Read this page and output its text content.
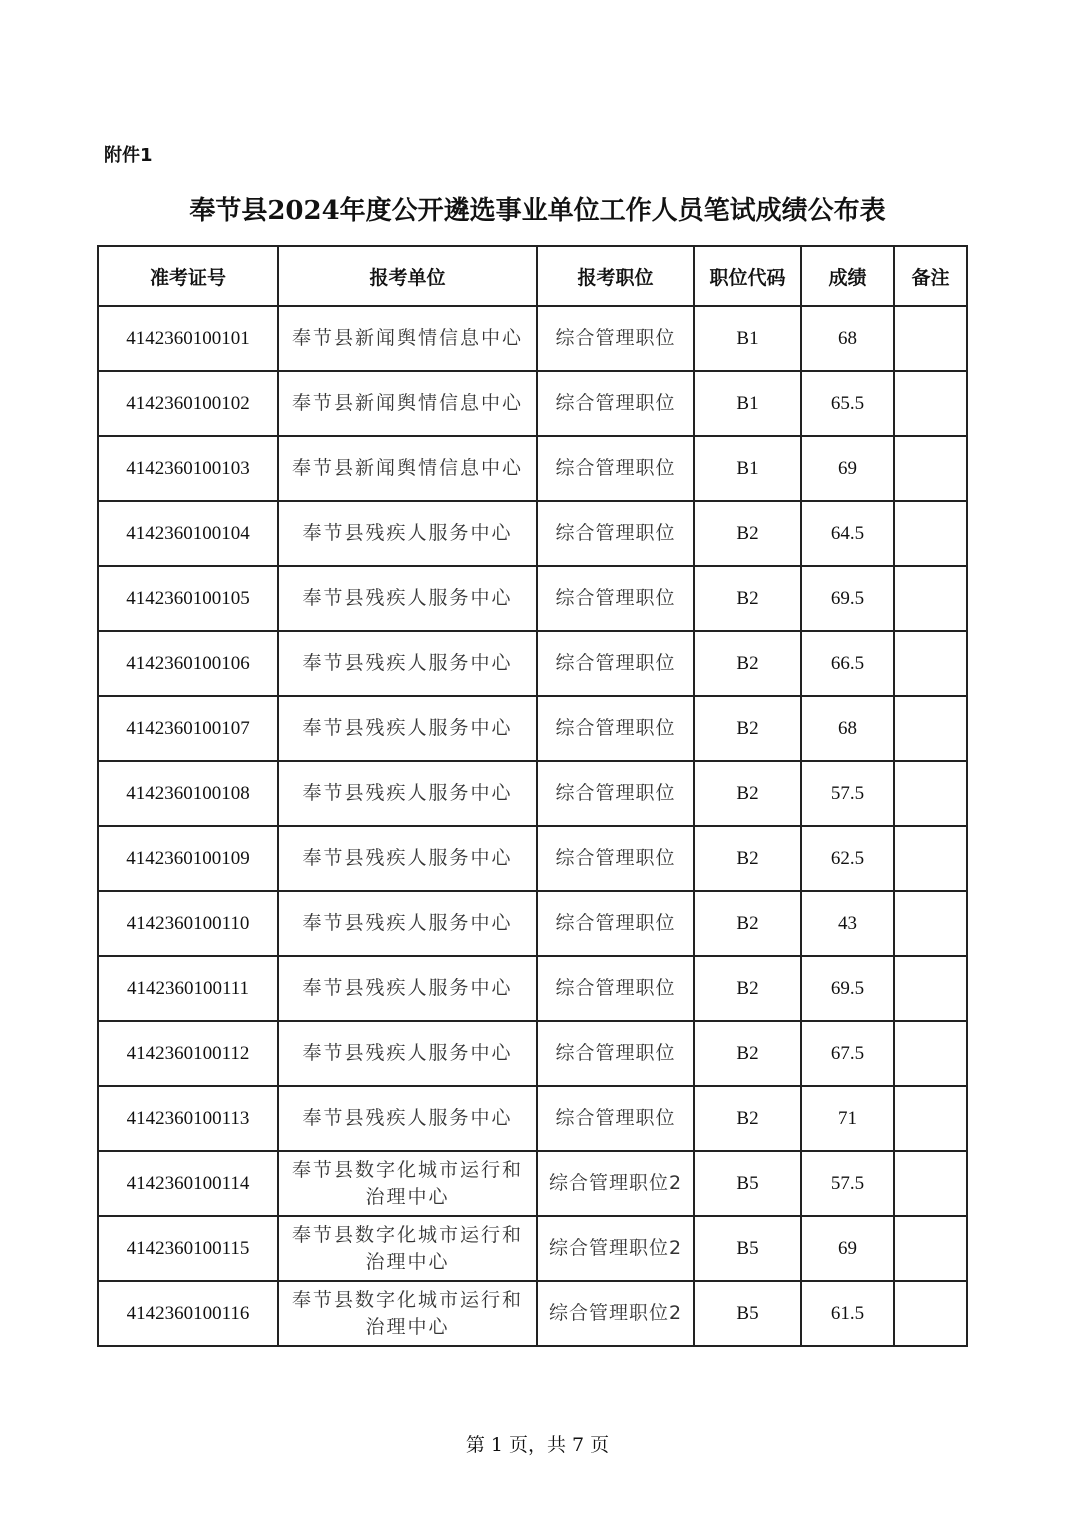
附件1
奉节县2024年度公开遴选事业单位工作人员笔试成绩公布表
准考证号	报考单位	报考职位	职位代码	成绩	备注
4142360100101	奉节县新闻舆情信息中心	综合管理职位	B1	68	
4142360100102	奉节县新闻舆情信息中心	综合管理职位	B1	65.5	
4142360100103	奉节县新闻舆情信息中心	综合管理职位	B1	69	
4142360100104	奉节县残疾人服务中心	综合管理职位	B2	64.5	
4142360100105	奉节县残疾人服务中心	综合管理职位	B2	69.5	
4142360100106	奉节县残疾人服务中心	综合管理职位	B2	66.5	
4142360100107	奉节县残疾人服务中心	综合管理职位	B2	68	
4142360100108	奉节县残疾人服务中心	综合管理职位	B2	57.5	
4142360100109	奉节县残疾人服务中心	综合管理职位	B2	62.5	
4142360100110	奉节县残疾人服务中心	综合管理职位	B2	43	
4142360100111	奉节县残疾人服务中心	综合管理职位	B2	69.5	
4142360100112	奉节县残疾人服务中心	综合管理职位	B2	67.5	
4142360100113	奉节县残疾人服务中心	综合管理职位	B2	71	
4142360100114	奉节县数字化城市运行和治理中心	综合管理职位2	B5	57.5	
4142360100115	奉节县数字化城市运行和治理中心	综合管理职位2	B5	69	
4142360100116	奉节县数字化城市运行和治理中心	综合管理职位2	B5	61.5	
第 1 页，共 7 页
